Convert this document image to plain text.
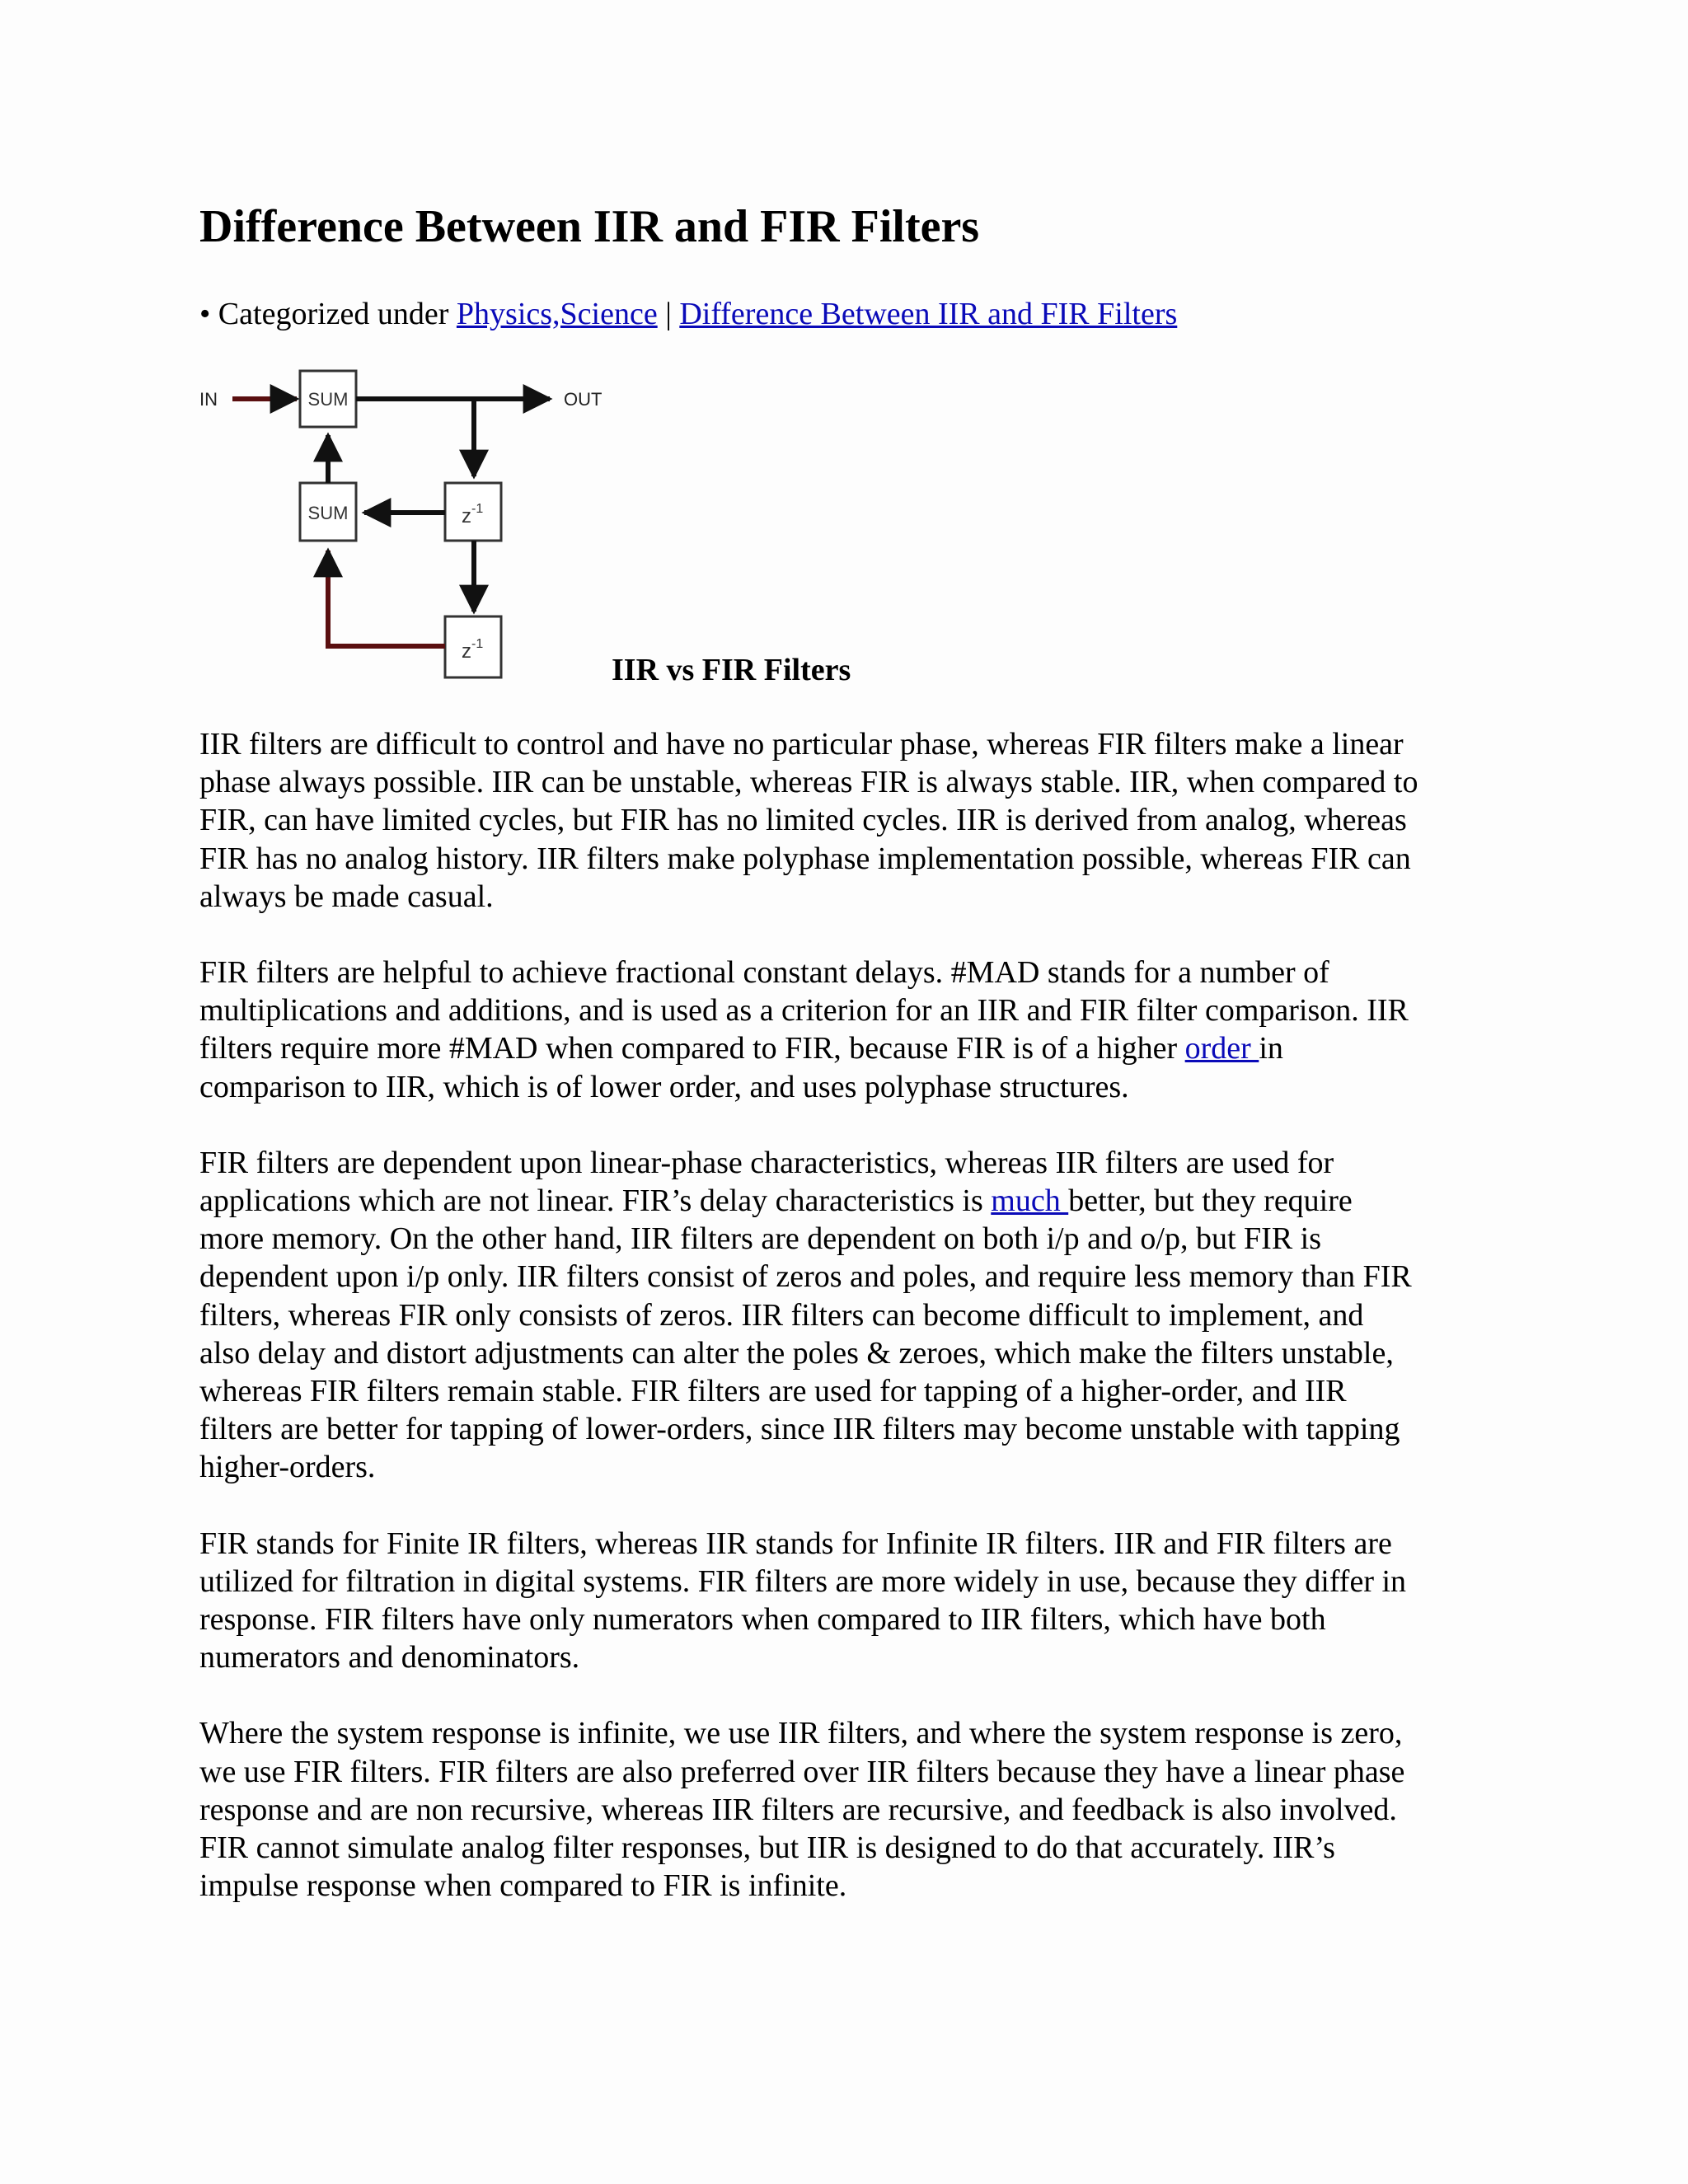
Difference Between IIR and FIR Filters
• Categorized under Physics,Science | Difference Between IIR and FIR Filters
IN	SUM	OUT
$z^{-1}$
SUM
$z^{-1}$
IIR vs FIR Filters

IIR filters are difficult to control and have no particular phase, whereas FIR filters make a linear
phase always possible. IIR can be unstable, whereas FIR is always stable. IIR, when compared to
FIR, can have limited cycles, but FIR has no limited cycles. IIR is derived from analog, whereas
FIR has no analog history. IIR filters make polyphase implementation possible, whereas FIR can
always be made casual.

FIR filters are helpful to achieve fractional constant delays. #MAD stands for a number of
multiplications and additions, and is used as a criterion for an IIR and FIR filter comparison. IIR
filters require more #MAD when compared to FIR, because FIR is of a higher order in
comparison to IIR, which is of lower order, and uses polyphase structures.

FIR filters are dependent upon linear-phase characteristics, whereas IIR filters are used for
applications which are not linear. FIR’s delay characteristics is much better, but they require
more memory. On the other hand, IIR filters are dependent on both i/p and o/p, but FIR is
dependent upon i/p only. IIR filters consist of zeros and poles, and require less memory than FIR
filters, whereas FIR only consists of zeros. IIR filters can become difficult to implement, and
also delay and distort adjustments can alter the poles & zeroes, which make the filters unstable,
whereas FIR filters remain stable. FIR filters are used for tapping of a higher-order, and IIR
filters are better for tapping of lower-orders, since IIR filters may become unstable with tapping
higher-orders.

FIR stands for Finite IR filters, whereas IIR stands for Infinite IR filters. IIR and FIR filters are
utilized for filtration in digital systems. FIR filters are more widely in use, because they differ in
response. FIR filters have only numerators when compared to IIR filters, which have both
numerators and denominators.

Where the system response is infinite, we use IIR filters, and where the system response is zero,
we use FIR filters. FIR filters are also preferred over IIR filters because they have a linear phase
response and are non recursive, whereas IIR filters are recursive, and feedback is also involved.
FIR cannot simulate analog filter responses, but IIR is designed to do that accurately. IIR’s
impulse response when compared to FIR is infinite.
